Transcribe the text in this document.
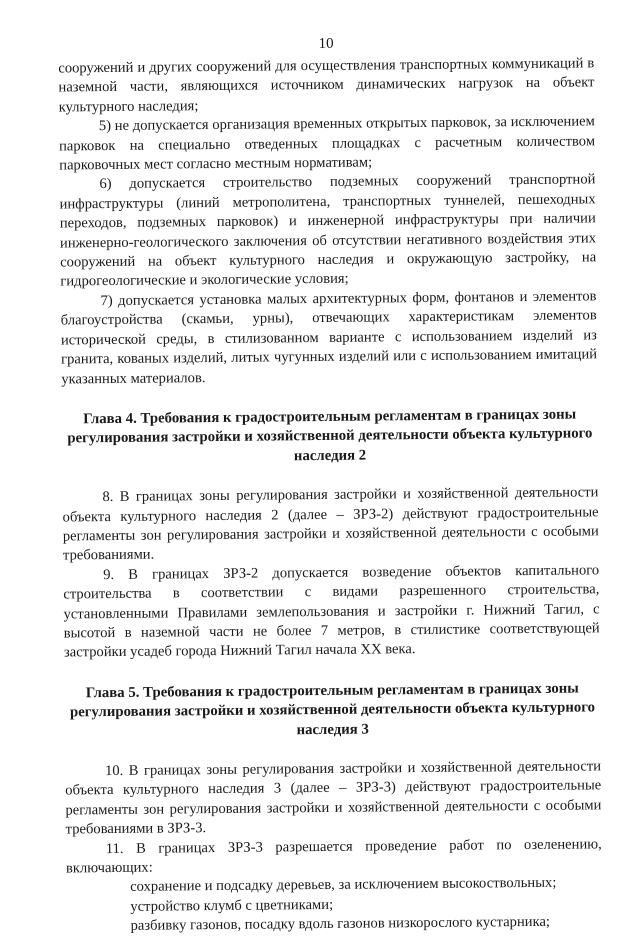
10

сооружений и других сооружений для осуществления транспортных коммуникаций в наземной части, являющихся источником динамических нагрузок на объект культурного наследия;

5) не допускается организация временных открытых парковок, за исключением парковок на специально отведенных площадках с расчетным количеством парковочных мест согласно местным нормативам;

6) допускается строительство подземных сооружений транспортной инфраструктуры (линий метрополитена, транспортных туннелей, пешеходных переходов, подземных парковок) и инженерной инфраструктуры при наличии инженерно-геологического заключения об отсутствии негативного воздействия этих сооружений на объект культурного наследия и окружающую застройку, на гидрогеологические и экологические условия;

7) допускается установка малых архитектурных форм, фонтанов и элементов благоустройства (скамьи, урны), отвечающих характеристикам элементов исторической среды, в стилизованном варианте с использованием изделий из гранита, кованых изделий, литых чугунных изделий или с использованием имитаций указанных материалов.

Глава 4. Требования к градостроительным регламентам в границах зоны регулирования застройки и хозяйственной деятельности объекта культурного наследия 2

8. В границах зоны регулирования застройки и хозяйственной деятельности объекта культурного наследия 2 (далее – ЗРЗ-2) действуют градостроительные регламенты зон регулирования застройки и хозяйственной деятельности с особыми требованиями.

9. В границах ЗРЗ-2 допускается возведение объектов капитального строительства в соответствии с видами разрешенного строительства, установленными Правилами землепользования и застройки г. Нижний Тагил, с высотой в наземной части не более 7 метров, в стилистике соответствующей застройки усадеб города Нижний Тагил начала XX века.

Глава 5. Требования к градостроительным регламентам в границах зоны регулирования застройки и хозяйственной деятельности объекта культурного наследия 3

10. В границах зоны регулирования застройки и хозяйственной деятельности объекта культурного наследия 3 (далее – ЗРЗ-3) действуют градостроительные регламенты зон регулирования застройки и хозяйственной деятельности с особыми требованиями в ЗРЗ-3.

11. В границах ЗРЗ-3 разрешается проведение работ по озеленению, включающих:

сохранение и подсадку деревьев, за исключением высокоствольных;

устройство клумб с цветниками;

разбивку газонов, посадку вдоль газонов низкорослого кустарника;
